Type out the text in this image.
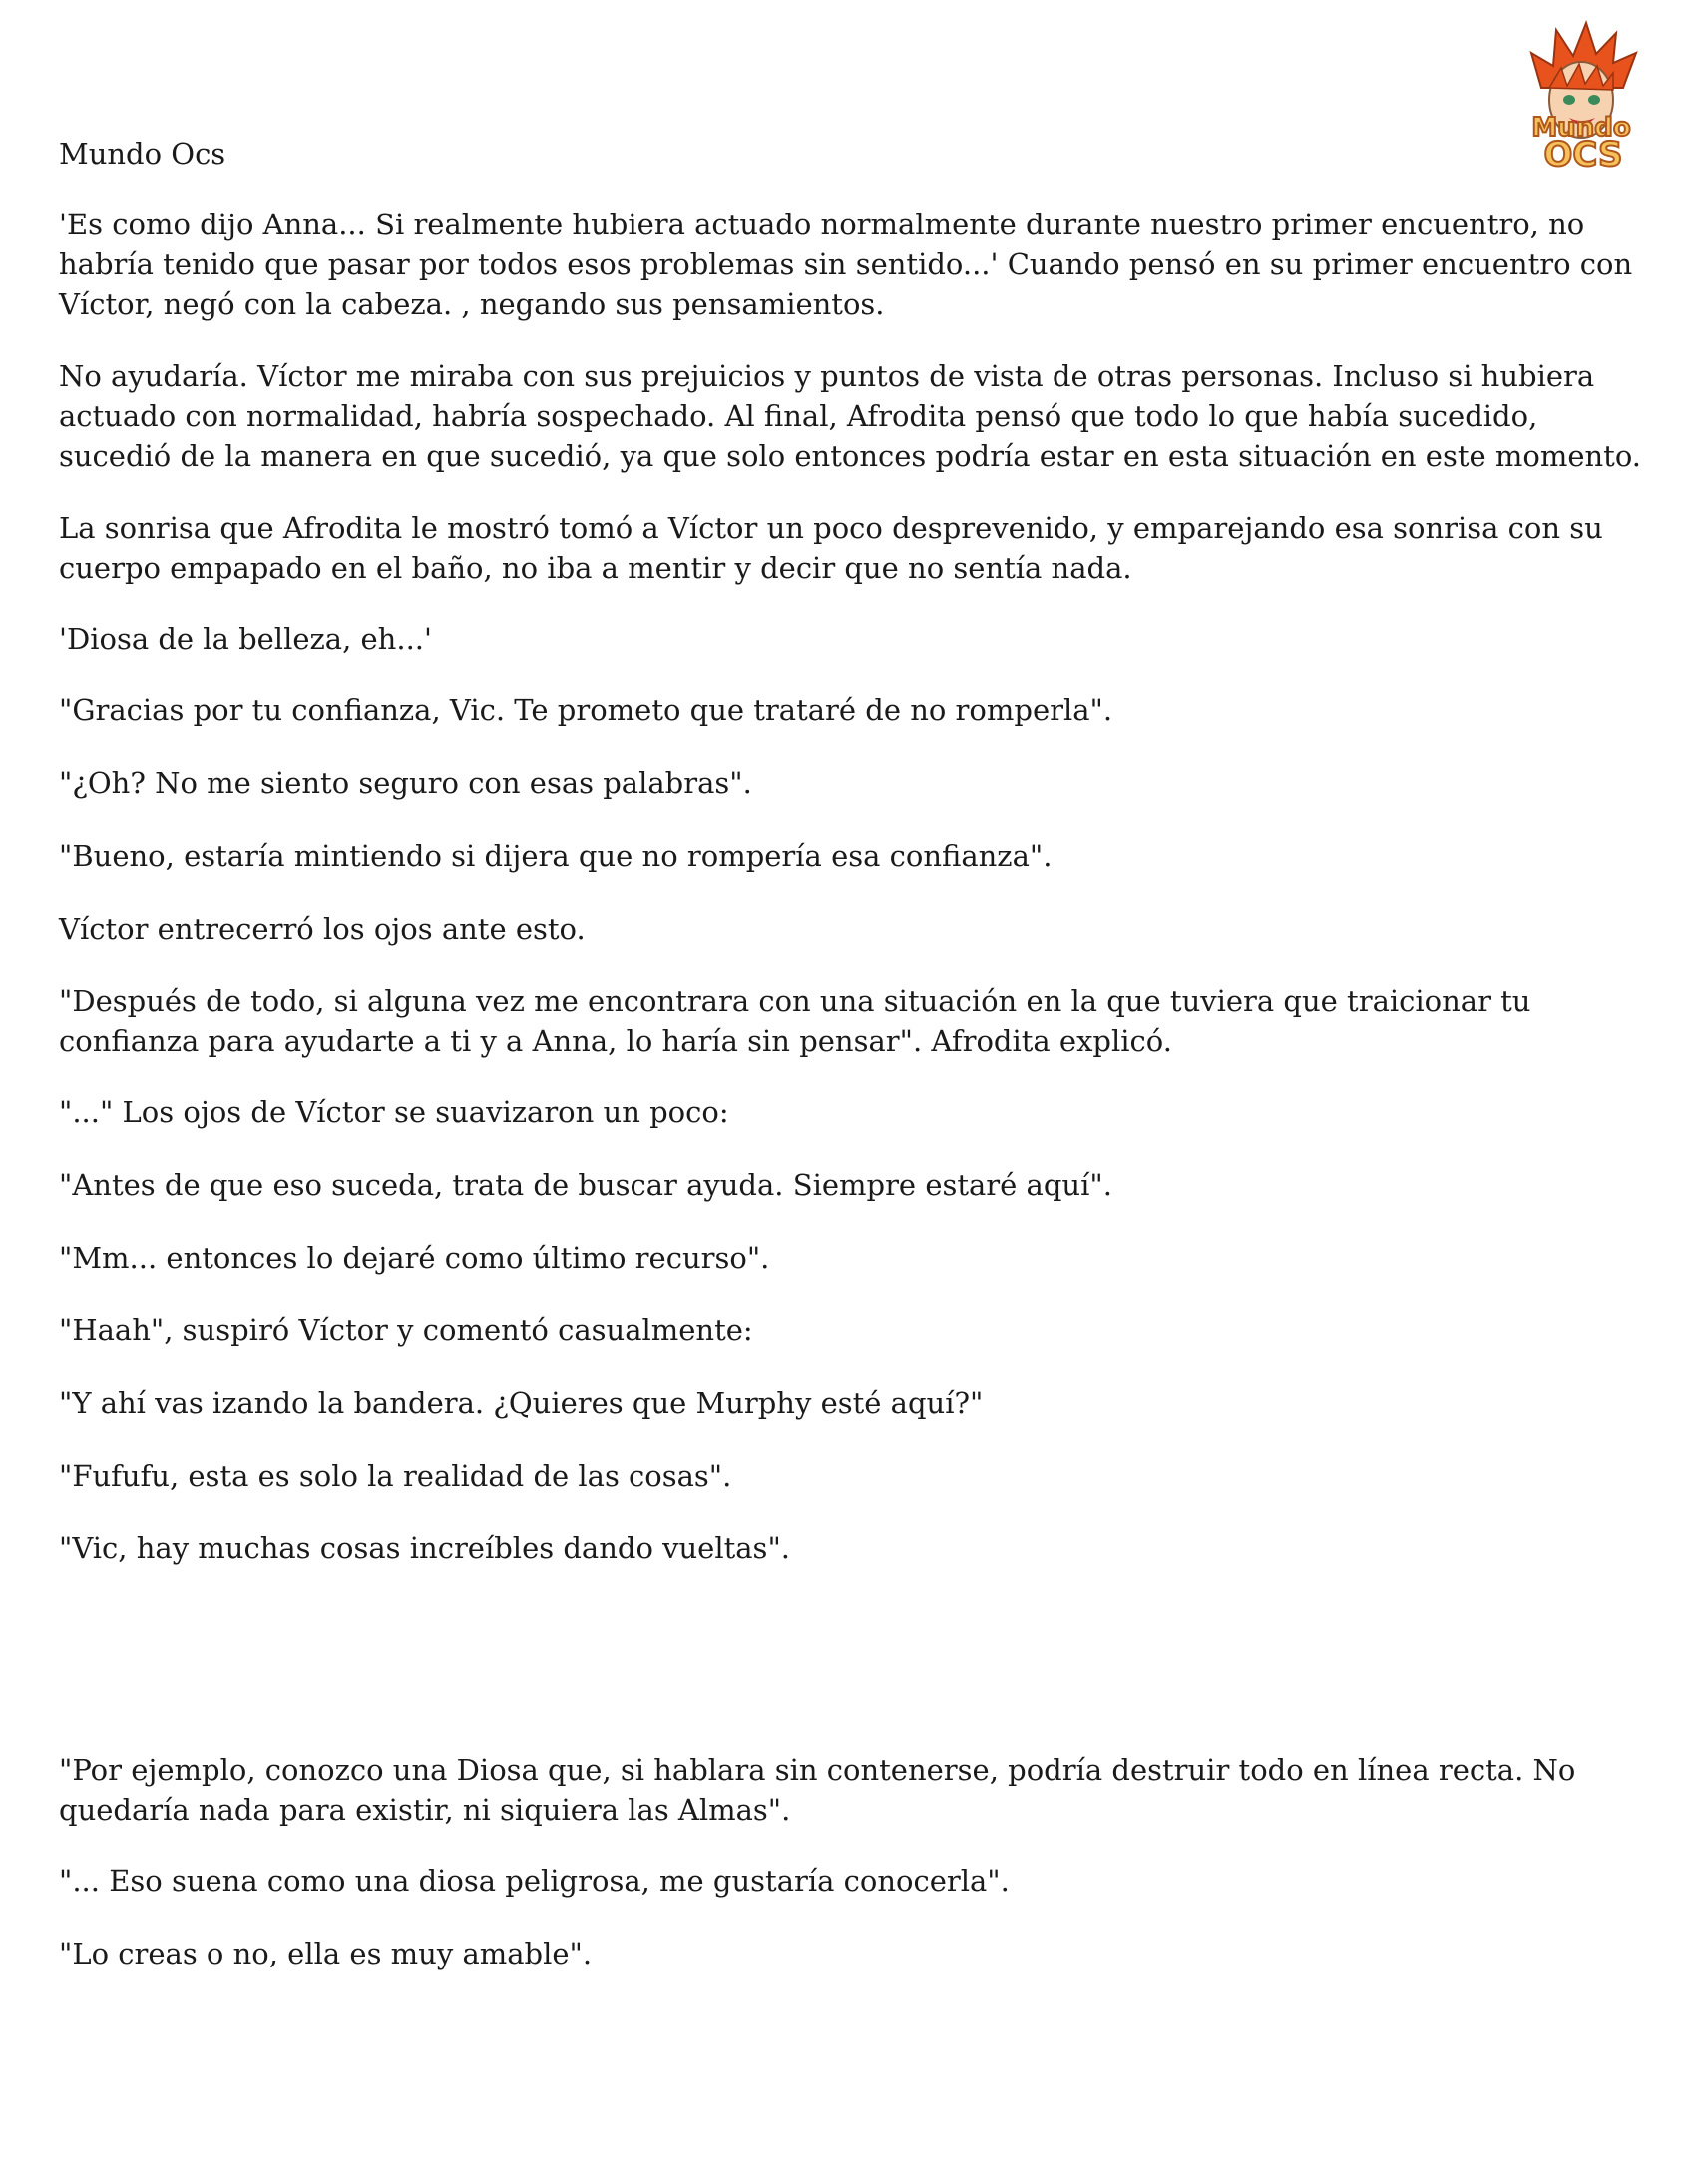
Mundo
OCS

Mundo Ocs

'Es como dijo Anna... Si realmente hubiera actuado normalmente durante nuestro primer encuentro, no habría tenido que pasar por todos esos problemas sin sentido...' Cuando pensó en su primer encuentro con Víctor, negó con la cabeza. , negando sus pensamientos.

No ayudaría. Víctor me miraba con sus prejuicios y puntos de vista de otras personas. Incluso si hubiera actuado con normalidad, habría sospechado. Al final, Afrodita pensó que todo lo que había sucedido, sucedió de la manera en que sucedió, ya que solo entonces podría estar en esta situación en este momento.

La sonrisa que Afrodita le mostró tomó a Víctor un poco desprevenido, y emparejando esa sonrisa con su cuerpo empapado en el baño, no iba a mentir y decir que no sentía nada.

'Diosa de la belleza, eh...'

"Gracias por tu confianza, Vic. Te prometo que trataré de no romperla".

"¿Oh? No me siento seguro con esas palabras".

"Bueno, estaría mintiendo si dijera que no rompería esa confianza".

Víctor entrecerró los ojos ante esto.

"Después de todo, si alguna vez me encontrara con una situación en la que tuviera que traicionar tu confianza para ayudarte a ti y a Anna, lo haría sin pensar". Afrodita explicó.

"..." Los ojos de Víctor se suavizaron un poco:

"Antes de que eso suceda, trata de buscar ayuda. Siempre estaré aquí".

"Mm... entonces lo dejaré como último recurso".

"Haah", suspiró Víctor y comentó casualmente:

"Y ahí vas izando la bandera. ¿Quieres que Murphy esté aquí?"

"Fufufu, esta es solo la realidad de las cosas".

"Vic, hay muchas cosas increíbles dando vueltas".

"Por ejemplo, conozco una Diosa que, si hablara sin contenerse, podría destruir todo en línea recta. No quedaría nada para existir, ni siquiera las Almas".

"... Eso suena como una diosa peligrosa, me gustaría conocerla".

"Lo creas o no, ella es muy amable".
